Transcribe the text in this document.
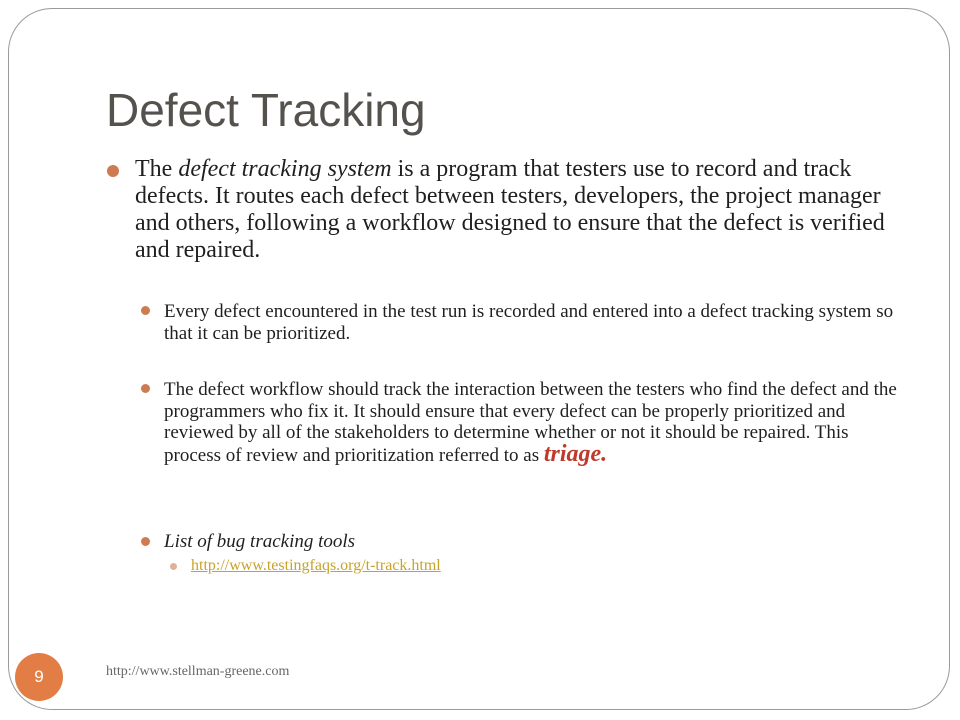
Defect Tracking
The defect tracking system is a program that testers use to record and track defects. It routes each defect between testers, developers, the project manager and others, following a workflow designed to ensure that the defect is verified and repaired.
Every defect encountered in the test run is recorded and entered into a defect tracking system so that it can be prioritized.
The defect workflow should track the interaction between the testers who find the defect and the programmers who fix it. It should ensure that every defect can be properly prioritized and reviewed by all of the stakeholders to determine whether or not it should be repaired. This process of review and prioritization referred to as triage.
List of bug tracking tools
http://www.testingfaqs.org/t-track.html
9	http://www.stellman-greene.com
